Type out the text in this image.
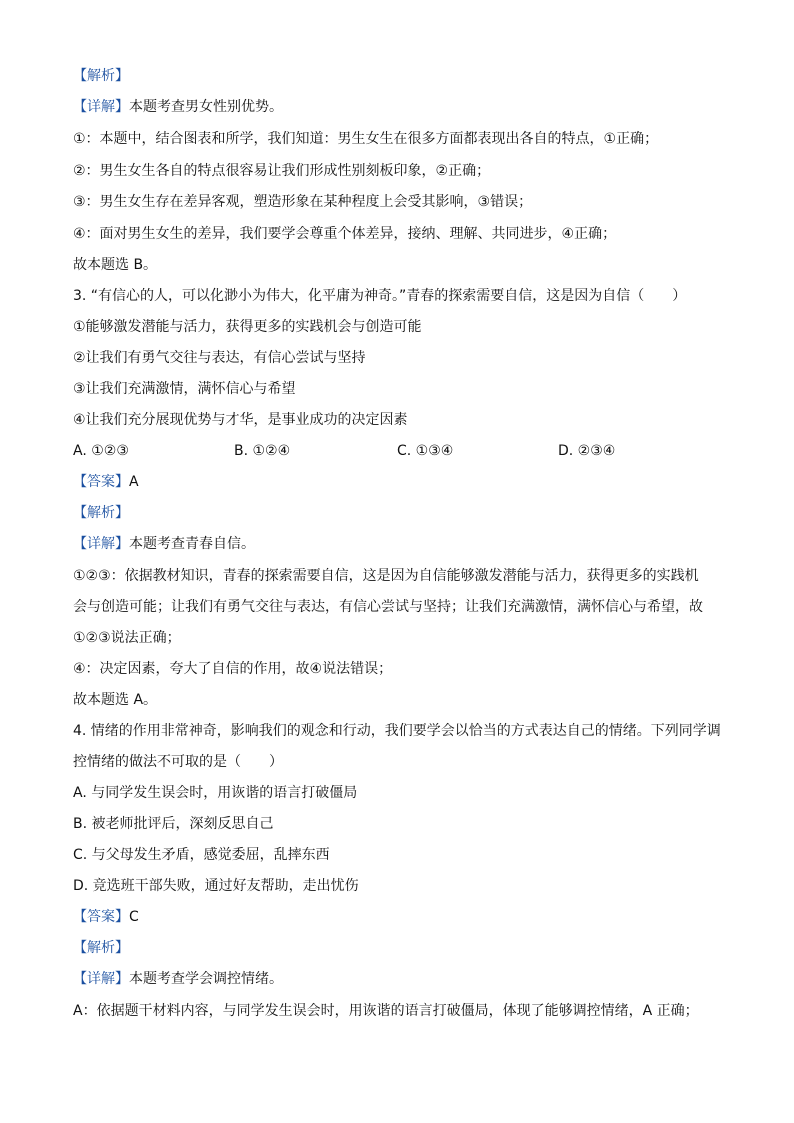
【解析】
【详解】本题考查男女性别优势。
①：本题中，结合图表和所学，我们知道：男生女生在很多方面都表现出各自的特点，①正确；
②：男生女生各自的特点很容易让我们形成性别刻板印象，②正确；
③：男生女生存在差异客观，塑造形象在某种程度上会受其影响，③错误；
④：面对男生女生的差异，我们要学会尊重个体差异，接纳、理解、共同进步，④正确；
故本题选 B。
3. “有信心的人，可以化渺小为伟大，化平庸为神奇。”青春的探索需要自信，这是因为自信（　　）
①能够激发潜能与活力，获得更多的实践机会与创造可能
②让我们有勇气交往与表达，有信心尝试与坚持
③让我们充满激情，满怀信心与希望
④让我们充分展现优势与才华，是事业成功的决定因素
A. ①②③	B. ①②④	C. ①③④	D. ②③④
【答案】A
【解析】
【详解】本题考查青春自信。
①②③：依据教材知识，青春的探索需要自信，这是因为自信能够激发潜能与活力，获得更多的实践机
会与创造可能；让我们有勇气交往与表达，有信心尝试与坚持；让我们充满激情，满怀信心与希望，故
①②③说法正确；
④：决定因素，夸大了自信的作用，故④说法错误；
故本题选 A。
4. 情绪的作用非常神奇，影响我们的观念和行动，我们要学会以恰当的方式表达自己的情绪。下列同学调
控情绪的做法不可取的是（　　）
A. 与同学发生误会时，用诙谐的语言打破僵局
B. 被老师批评后，深刻反思自己
C. 与父母发生矛盾，感觉委屈，乱摔东西
D. 竞选班干部失败，通过好友帮助，走出忧伤
【答案】C
【解析】
【详解】本题考查学会调控情绪。
A：依据题干材料内容，与同学发生误会时，用诙谐的语言打破僵局，体现了能够调控情绪，A 正确；
